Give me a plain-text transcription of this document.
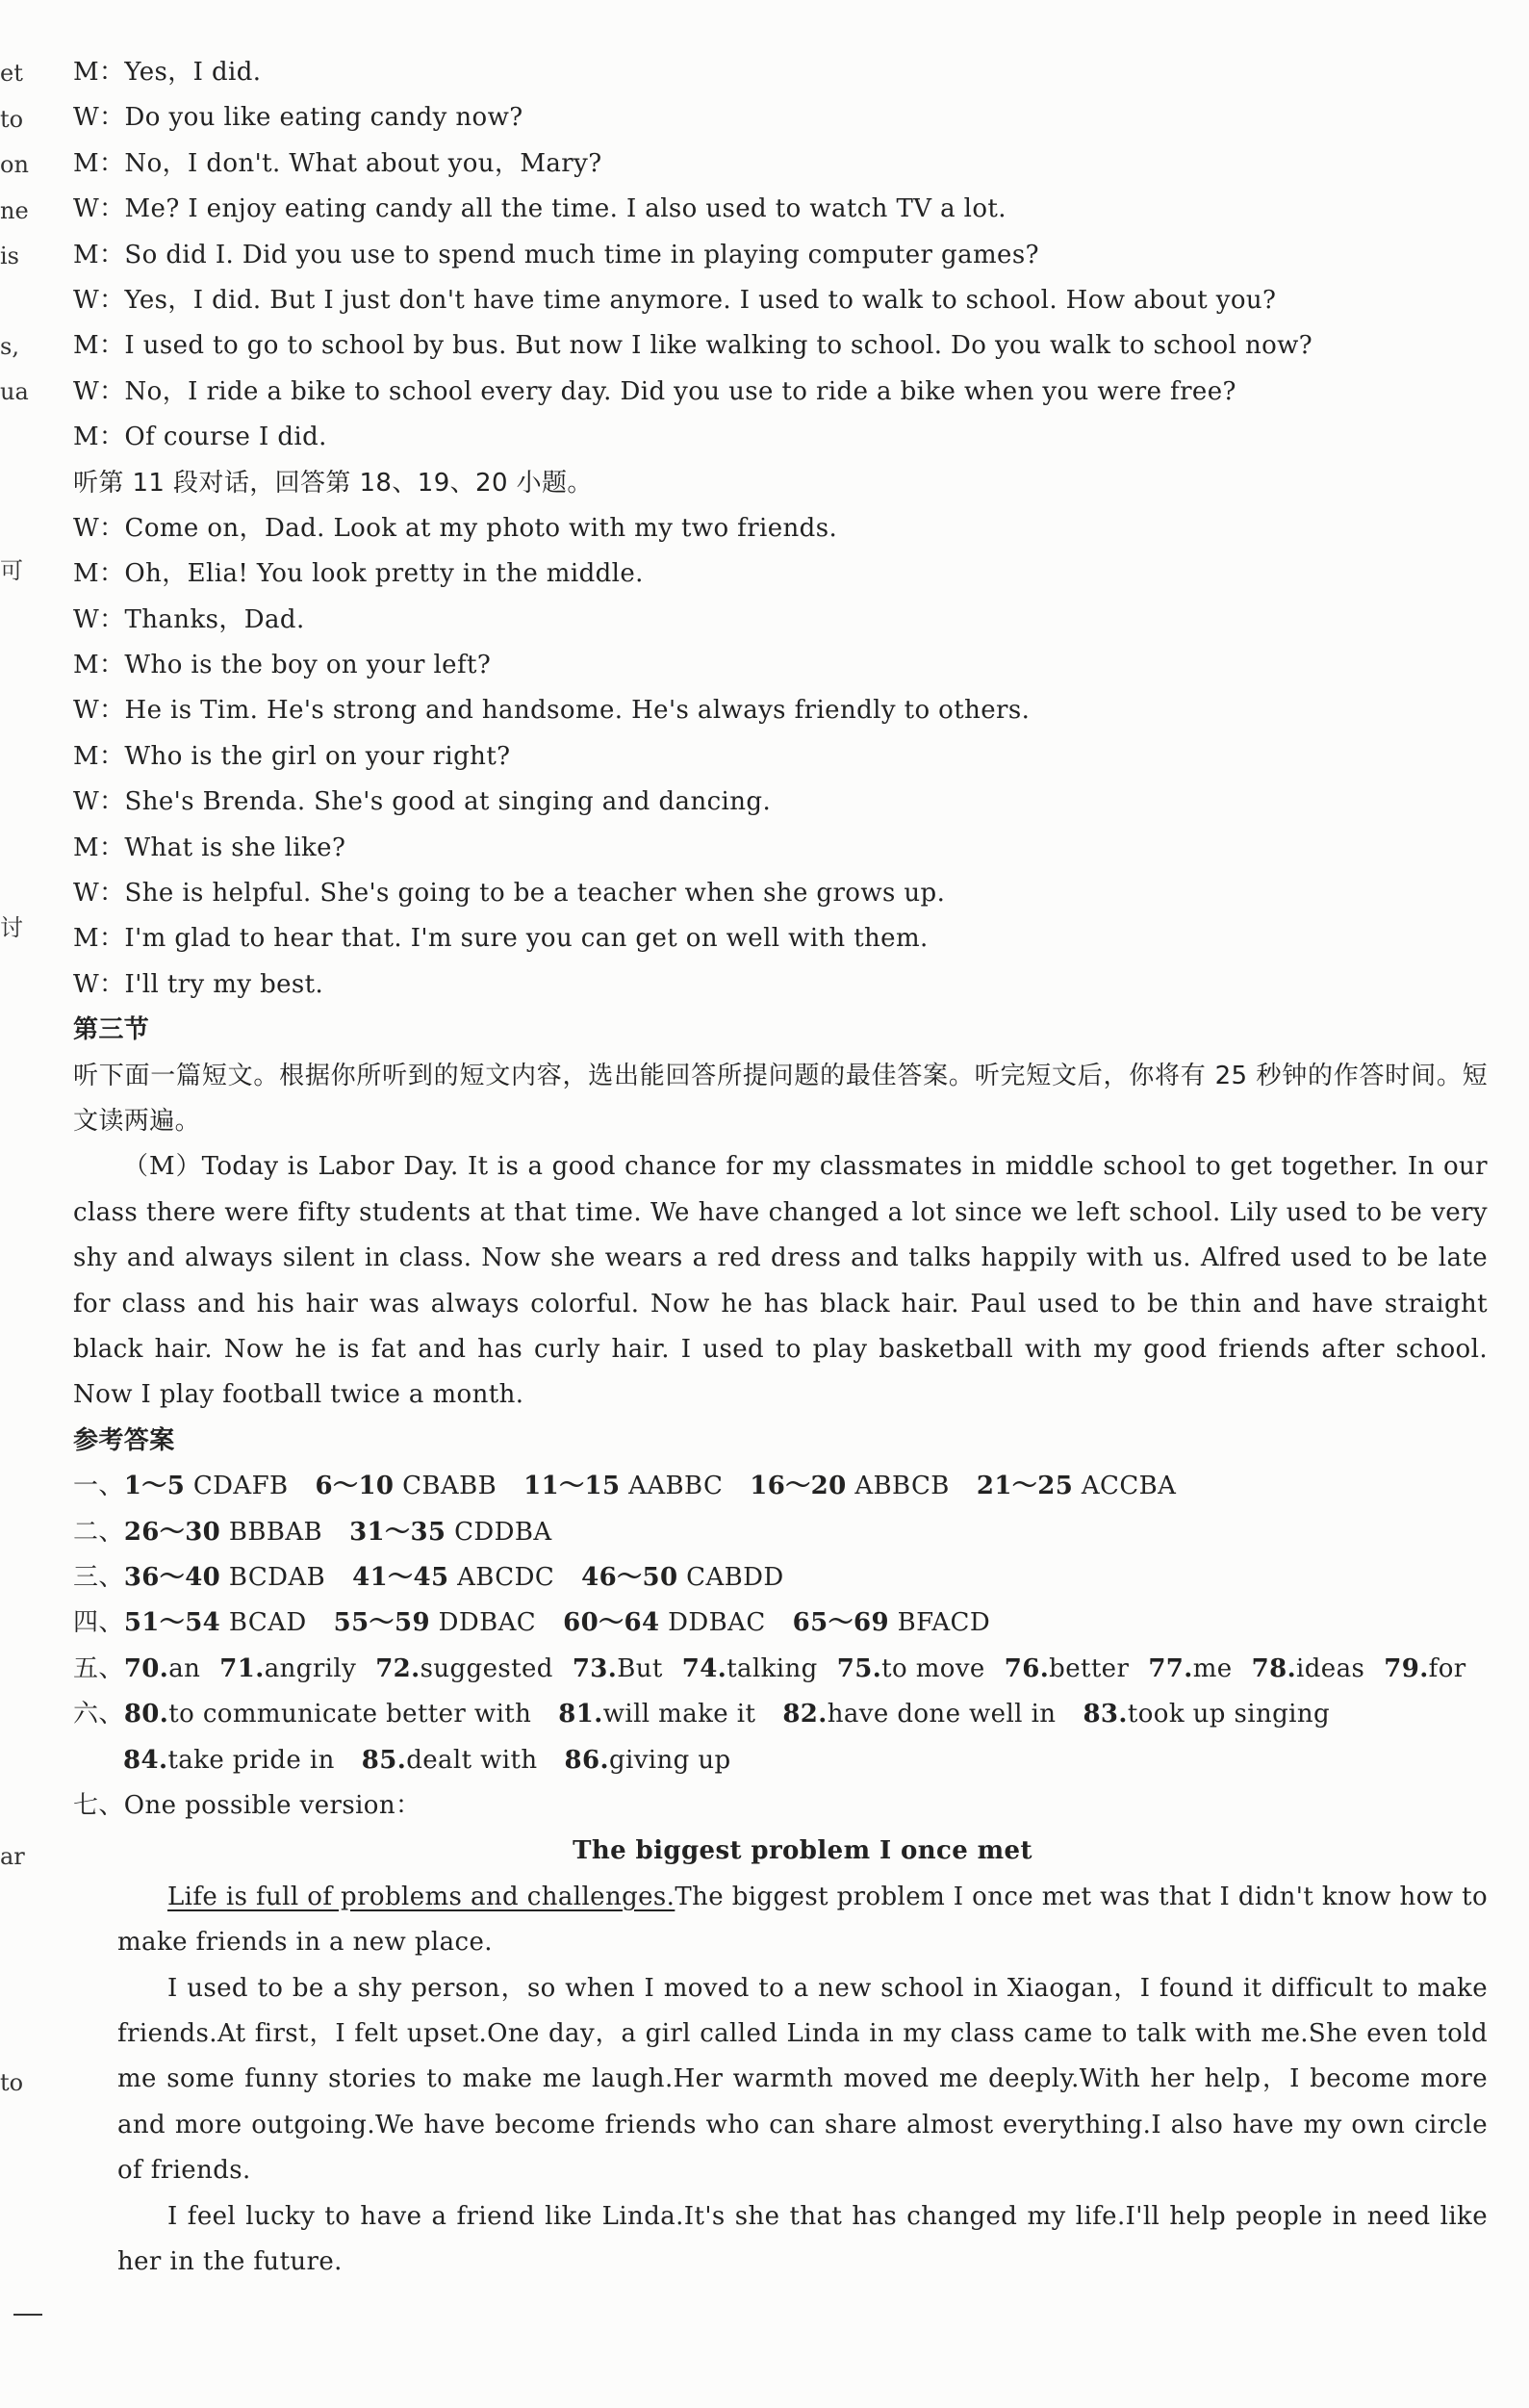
et
to
on
ne
is
s,
ua
可
讨
ar
to
M：Yes，I did.
W：Do you like eating candy now?
M：No，I don't. What about you，Mary?
W：Me? I enjoy eating candy all the time. I also used to watch TV a lot.
M：So did I. Did you use to spend much time in playing computer games?
W：Yes，I did. But I just don't have time anymore. I used to walk to school. How about you?
M：I used to go to school by bus. But now I like walking to school. Do you walk to school now?
W：No，I ride a bike to school every day. Did you use to ride a bike when you were free?
M：Of course I did.
听第 11 段对话，回答第 18、19、20 小题。
W：Come on，Dad. Look at my photo with my two friends.
M：Oh，Elia! You look pretty in the middle.
W：Thanks，Dad.
M：Who is the boy on your left?
W：He is Tim. He's strong and handsome. He's always friendly to others.
M：Who is the girl on your right?
W：She's Brenda. She's good at singing and dancing.
M：What is she like?
W：She is helpful. She's going to be a teacher when she grows up.
M：I'm glad to hear that. I'm sure you can get on well with them.
W：I'll try my best.
第三节

听下面一篇短文。根据你所听到的短文内容，选出能回答所提问题的最佳答案。听完短文后，你将有 25 秒钟的作答时间。短文读两遍。

（M）Today is Labor Day. It is a good chance for my classmates in middle school to get together. In our class there were fifty students at that time. We have changed a lot since we left school. Lily used to be very shy and always silent in class. Now she wears a red dress and talks happily with us. Alfred used to be late for class and his hair was always colorful. Now he has black hair. Paul used to be thin and have straight black hair. Now he is fat and has curly hair. I used to play basketball with my good friends after school. Now I play football twice a month.

参考答案
一、1～5 CDAFB 6～10 CBABB 11～15 AABBC 16～20 ABBCB 21～25 ACCBA
二、26～30 BBBAB 31～35 CDDBA
三、36～40 BCDAB 41～45 ABCDC 46～50 CABDD
四、51～54 BCAD 55～59 DDBAC 60～64 DDBAC 65～69 BFACD
五、70.an 71.angrily 72.suggested 73.But 74.talking 75.to move 76.better 77.me 78.ideas 79.for
六、80.to communicate better with 81.will make it 82.have done well in 83.took up singing
84.take pride in 85.dealt with 86.giving up
七、One possible version：
The biggest problem I once met

Life is full of problems and challenges.The biggest problem I once met was that I didn't know how to make friends in a new place.

I used to be a shy person，so when I moved to a new school in Xiaogan，I found it difficult to make friends.At first，I felt upset.One day，a girl called Linda in my class came to talk with me.She even told me some funny stories to make me laugh.Her warmth moved me deeply.With her help，I become more and more outgoing.We have become friends who can share almost everything.I also have my own circle of friends.

I feel lucky to have a friend like Linda.It's she that has changed my life.I'll help people in need like her in the future.
